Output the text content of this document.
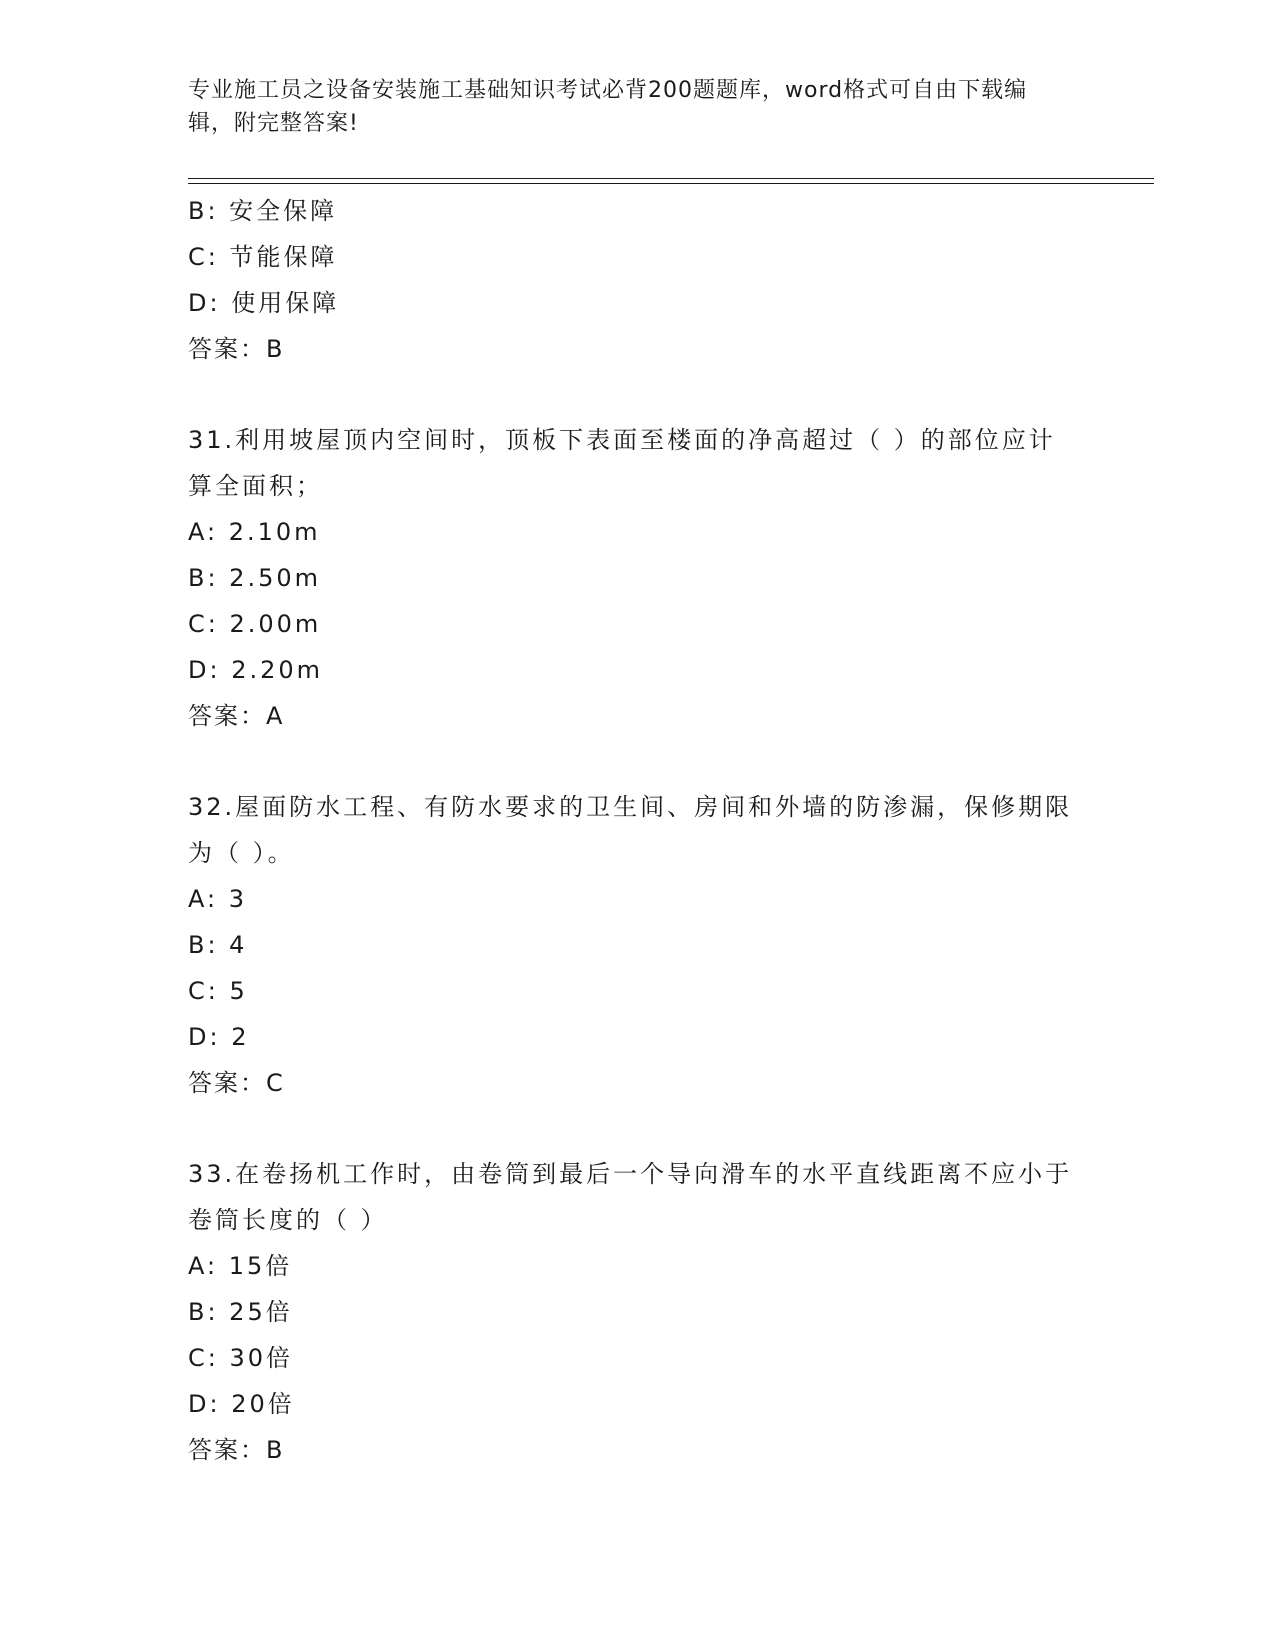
专业施工员之设备安装施工基础知识考试必背200题题库，word格式可自由下载编辑，附完整答案!
B: 安全保障
C: 节能保障
D: 使用保障
答案：B
31.利用坡屋顶内空间时，顶板下表面至楼面的净高超过（ ）的部位应计算全面积；
A: 2.10m
B: 2.50m
C: 2.00m
D: 2.20m
答案：A
32.屋面防水工程、有防水要求的卫生间、房间和外墙的防渗漏，保修期限为（ ）。
A: 3
B: 4
C: 5
D: 2
答案：C
33.在卷扬机工作时，由卷筒到最后一个导向滑车的水平直线距离不应小于卷筒长度的（ ）
A: 15倍
B: 25倍
C: 30倍
D: 20倍
答案：B
